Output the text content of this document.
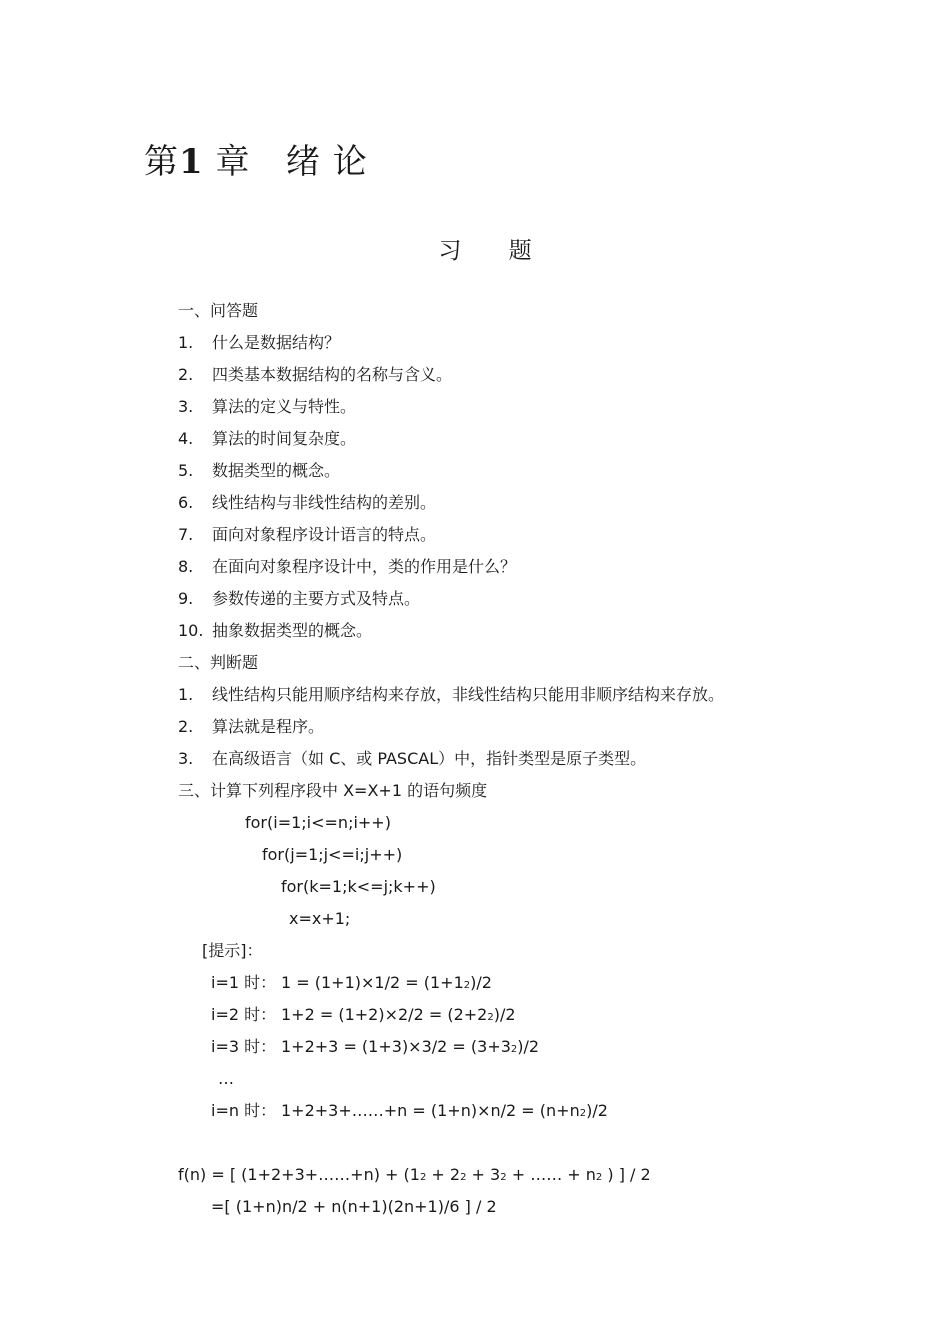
第1 章 绪 论
习 题
一、问答题
1. 什么是数据结构？
2. 四类基本数据结构的名称与含义。
3. 算法的定义与特性。
4. 算法的时间复杂度。
5. 数据类型的概念。
6. 线性结构与非线性结构的差别。
7. 面向对象程序设计语言的特点。
8. 在面向对象程序设计中，类的作用是什么？
9. 参数传递的主要方式及特点。
10. 抽象数据类型的概念。
二、判断题
1. 线性结构只能用顺序结构来存放，非线性结构只能用非顺序结构来存放。
2. 算法就是程序。
3. 在高级语言（如 C、或 PASCAL）中，指针类型是原子类型。
三、计算下列程序段中 X=X+1 的语句频度
for(i=1;i<=n;i++)
for(j=1;j<=i;j++)
for(k=1;k<=j;k++)
x=x+1;
[提示]：
i=1 时： 1 = (1+1)×1/2 = (1+12)/2
i=2 时： 1+2 = (1+2)×2/2 = (2+22)/2
i=3 时： 1+2+3 = (1+3)×3/2 = (3+32)/2
…
i=n 时： 1+2+3+……+n = (1+n)×n/2 = (n+n2)/2
f(n) = [ (1+2+3+……+n) + (12 + 22 + 32 + …… + n2 ) ] / 2
=[ (1+n)n/2 + n(n+1)(2n+1)/6 ] / 2
